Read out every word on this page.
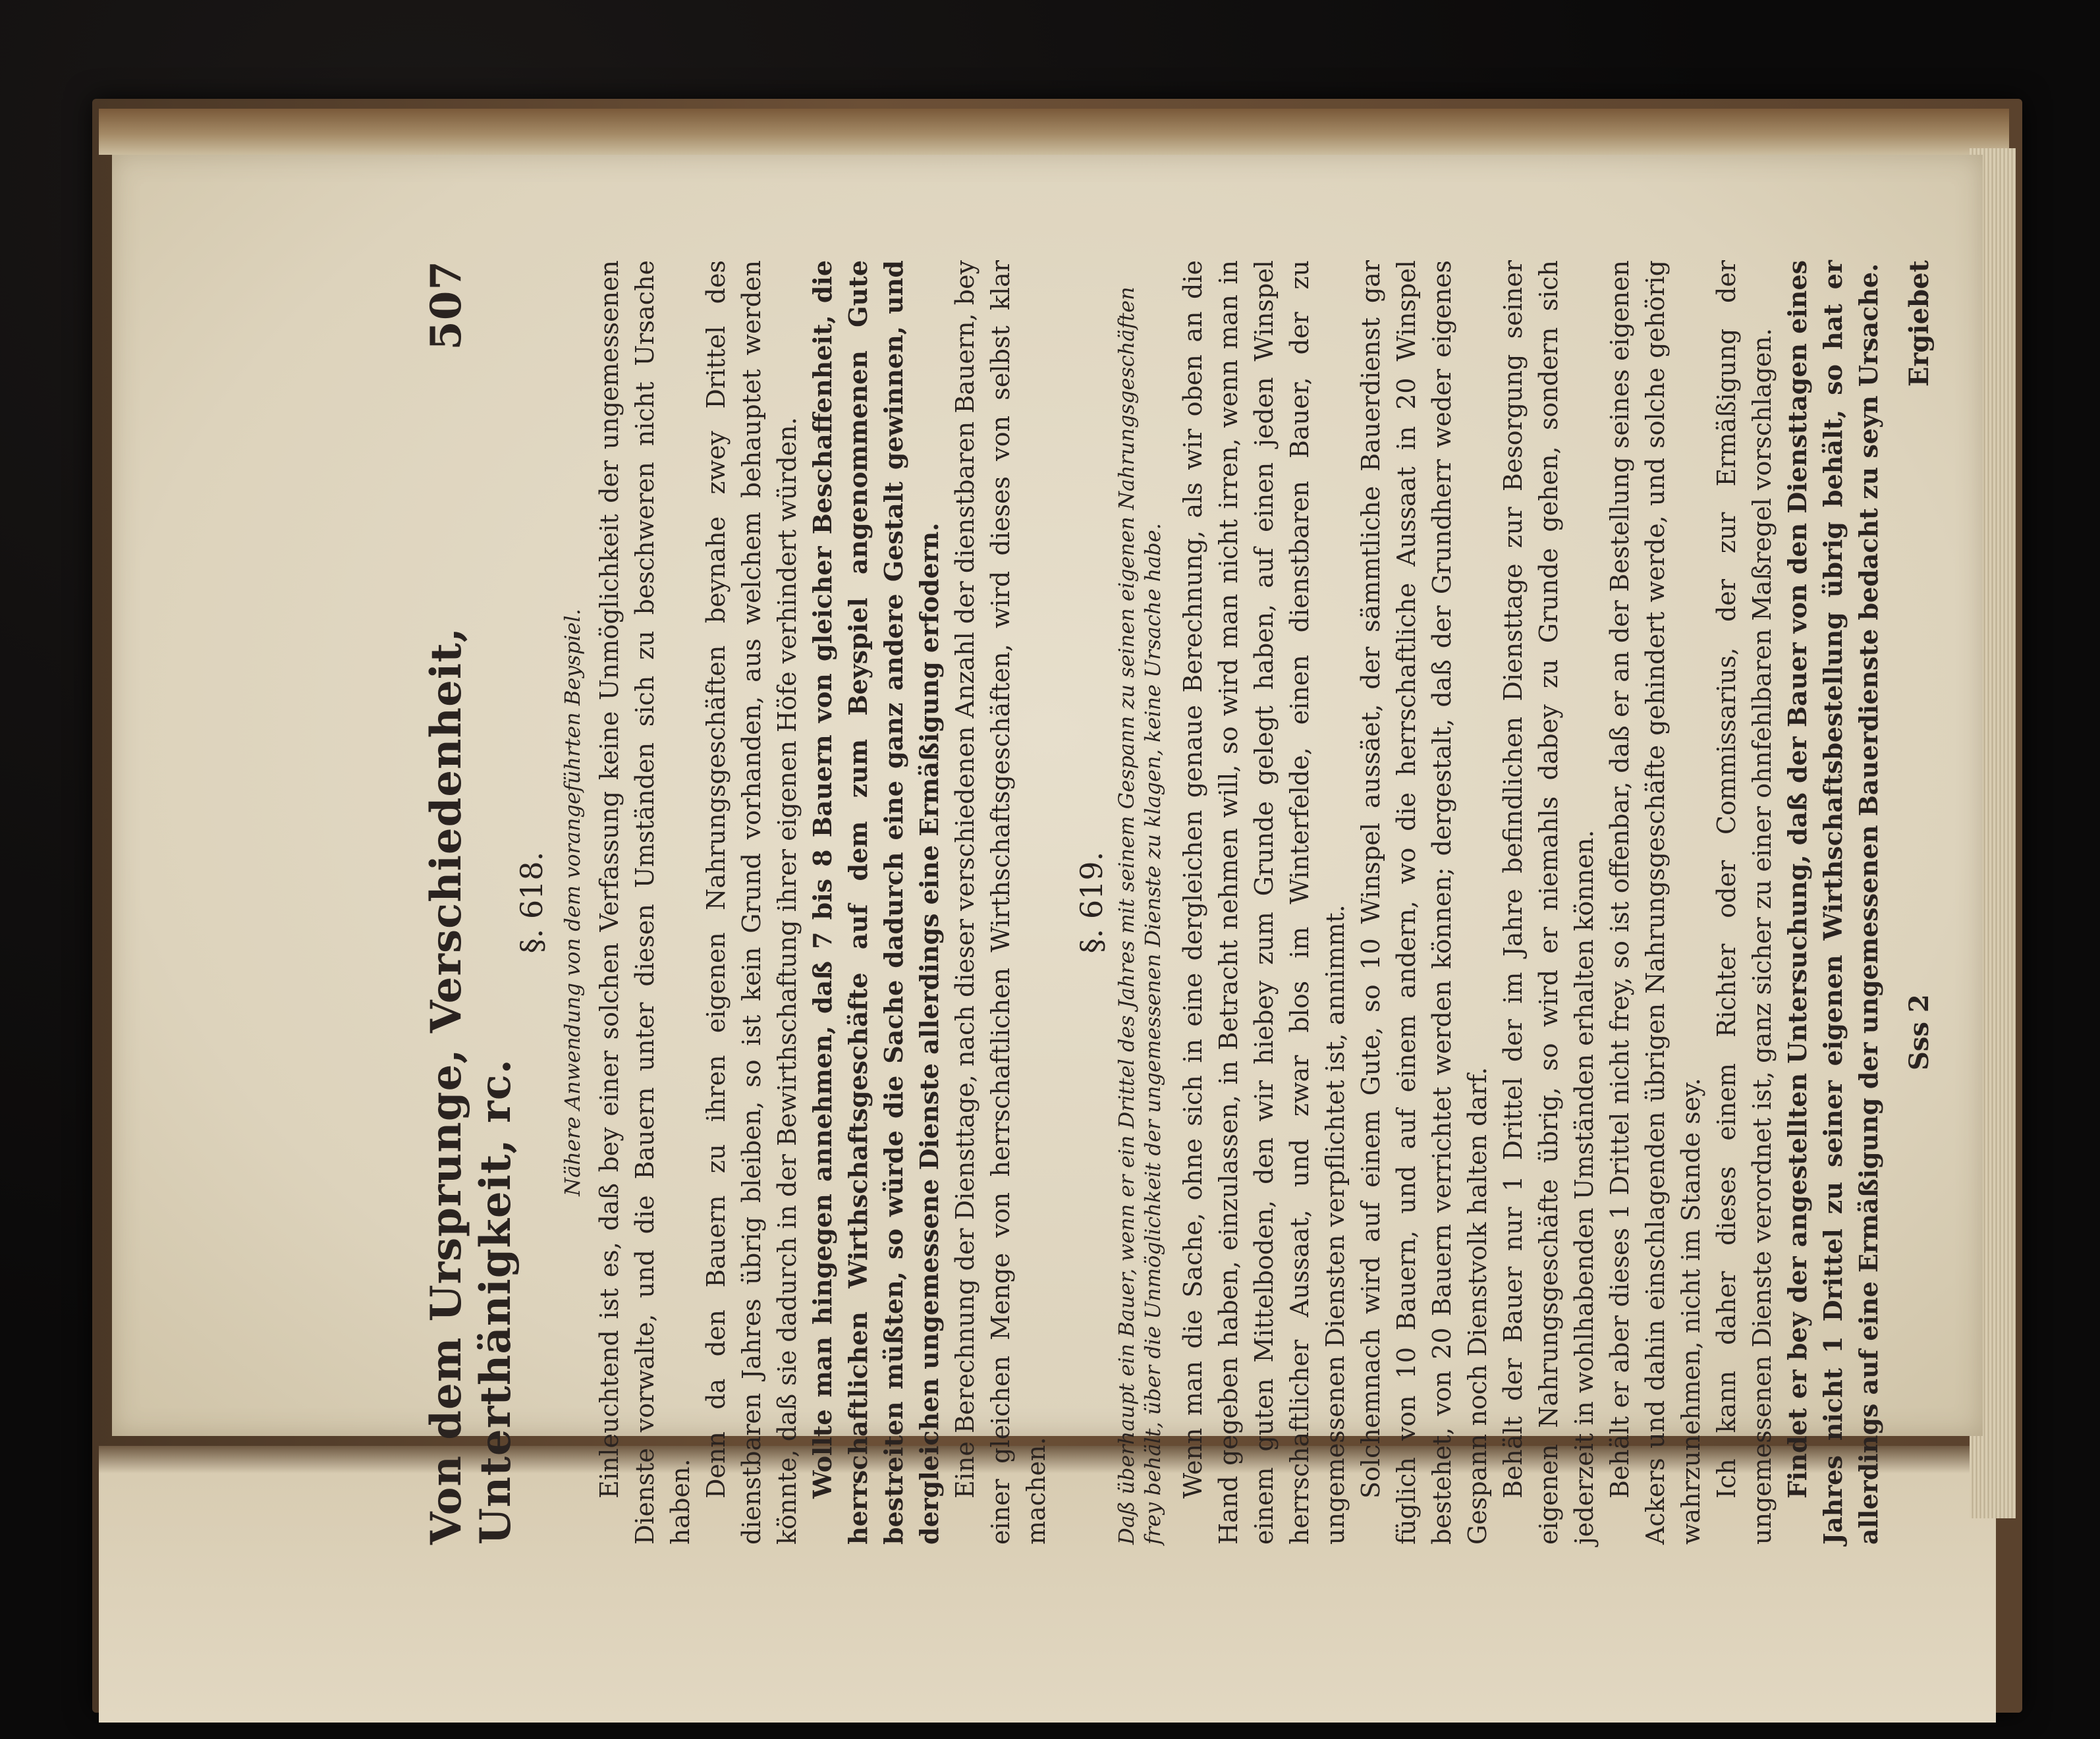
Von dem Ursprunge, Verschiedenheit, Unterthänigkeit, rc.
507
§. 618. Nähere Anwendung von dem vorangeführten Beyspiel. Einleuchtend ist es, daß bey einer solchen Verfassung keine Unmöglichkeit der ungemessenen Dienste vorwalte, und die Bauern unter diesen Umständen sich zu beschweren nicht Ursache haben.

Denn da den Bauern zu ihren eigenen Nahrungsgeschäften beynahe zwey Drittel des dienstbaren Jahres übrig bleiben, so ist kein Grund vorhanden, aus welchem behauptet werden könnte, daß sie dadurch in der Bewirthschaftung ihrer eigenen Höfe verhindert würden. Wollte man hingegen annehmen, daß 7 bis 8 Bauern von gleicher Beschaffenheit, die herrschaftlichen Wirthschaftsgeschäfte auf dem zum Beyspiel angenommenen Gute bestreiten müßten, so würde die Sache dadurch eine ganz andere Gestalt gewinnen, und dergleichen ungemessene Dienste allerdings eine Ermäßigung erfodern. Eine Berechnung der Diensttage, nach dieser verschiedenen Anzahl der dienstbaren Bauern, bey einer gleichen Menge von herrschaftlichen Wirthschaftsgeschäften, wird dieses von selbst klar machen.

§. 619. Daß überhaupt ein Bauer, wenn er ein Drittel des Jahres mit seinem Gespann zu seinen eigenen Nahrungsgeschäften frey behält, über die Unmöglichkeit der ungemessenen Dienste zu klagen, keine Ursache habe. Wenn man die Sache, ohne sich in eine dergleichen genaue Berechnung, als wir oben an die Hand gegeben haben, einzulassen, in Betracht nehmen will, so wird man nicht irren, wenn man in einem guten Mittelboden, den wir hiebey zum Grunde gelegt haben, auf einen jeden Winspel herrschaftlicher Aussaat, und zwar blos im Winterfelde, einen dienstbaren Bauer, der zu ungemessenen Diensten verpflichtet ist, annimmt. Solchemnach wird auf einem Gute, so 10 Winspel aussäet, der sämmtliche Bauerdienst gar füglich von 10 Bauern, und auf einem andern, wo die herrschaftliche Aussaat in 20 Winspel bestehet, von 20 Bauern verrichtet werden können; dergestalt, daß der Grundherr weder eigenes Gespann noch Dienstvolk halten darf. Behält der Bauer nur 1 Drittel der im Jahre befindlichen Diensttage zur Besorgung seiner eigenen Nahrungsgeschäfte übrig, so wird er niemahls dabey zu Grunde gehen, sondern sich jederzeit in wohlhabenden Umständen erhalten können. Behält er aber dieses 1 Drittel nicht frey, so ist offenbar, daß er an der Bestellung seines eigenen Ackers und dahin einschlagenden übrigen Nahrungsgeschäfte gehindert werde, und solche gehörig wahrzunehmen, nicht im Stande sey. Ich kann daher dieses einem Richter oder Commissarius, der zur Ermäßigung der ungemessenen Dienste verordnet ist, ganz sicher zu einer ohnfehlbaren Maßregel vorschlagen. Findet er bey der angestellten Untersuchung, daß der Bauer von den Diensttagen eines Jahres nicht 1 Drittel zu seiner eigenen Wirthschaftsbestellung übrig behält, so hat er allerdings auf eine Ermäßigung der ungemessenen Bauerdienste bedacht zu seyn Ursache. Sss 2
Ergiebet
